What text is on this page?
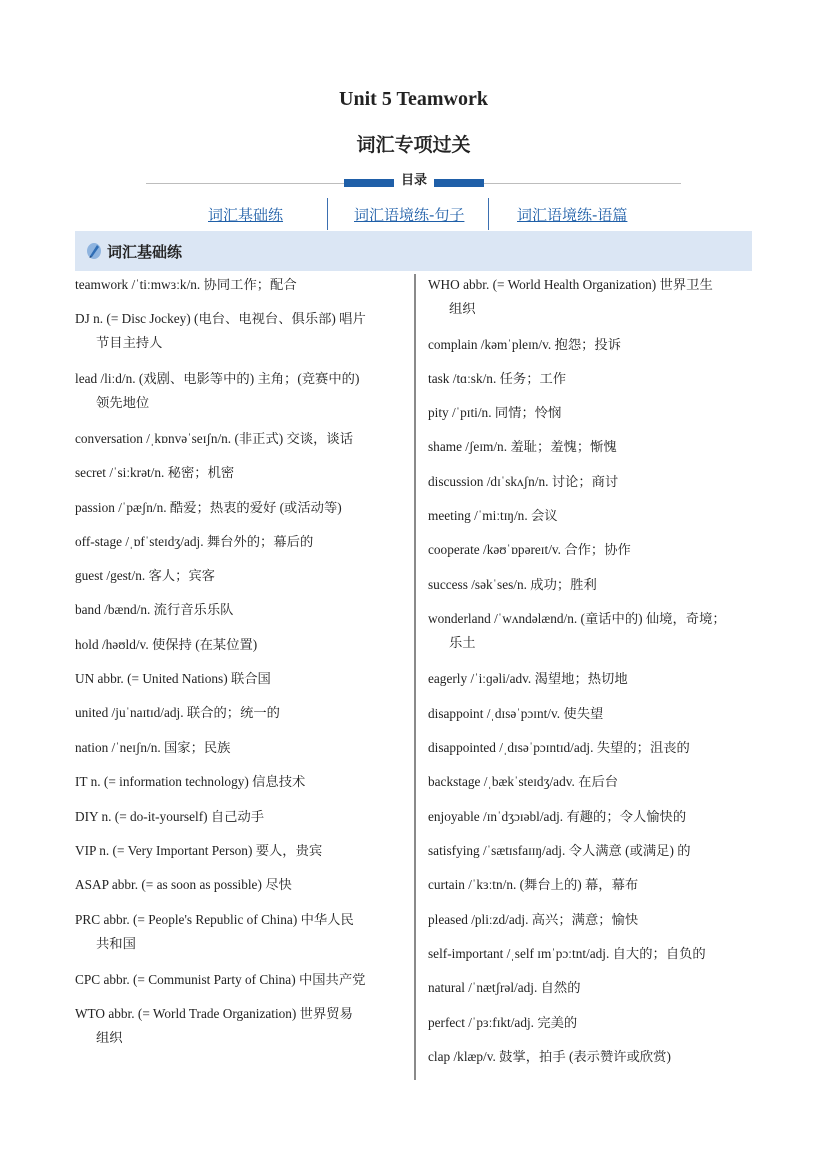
Unit 5 Teamwork
词汇专项过关
目录
词汇基础练	词汇语境练-句子	词汇语境练-语篇
词汇基础练
teamwork /ˈtiːmwɜːk/n. 协同工作；配合
DJ n. (= Disc Jockey) (电台、电视台、俱乐部) 唱片
节目主持人
lead /liːd/n. (戏剧、电影等中的) 主角；(竞赛中的)
领先地位
conversation /ˌkɒnvəˈseɪʃn/n. (非正式) 交谈，谈话
secret /ˈsiːkrət/n. 秘密；机密
passion /ˈpæʃn/n. 酷爱；热衷的爱好 (或活动等)
off-stage /ˌɒfˈsteɪdʒ/adj. 舞台外的；幕后的
guest /gest/n. 客人；宾客
band /bænd/n. 流行音乐乐队
hold /həʊld/v. 使保持 (在某位置)
UN abbr. (= United Nations) 联合国
united /juˈnaɪtɪd/adj. 联合的；统一的
nation /ˈneɪʃn/n. 国家；民族
IT n. (= information technology) 信息技术
DIY n. (= do-it-yourself) 自己动手
VIP n. (= Very Important Person) 要人，贵宾
ASAP abbr. (= as soon as possible) 尽快
PRC abbr. (= People's Republic of China) 中华人民
共和国
CPC abbr. (= Communist Party of China) 中国共产党
WTO abbr. (= World Trade Organization) 世界贸易
组织
WHO abbr. (= World Health Organization) 世界卫生
组织
complain /kəmˈpleɪn/v. 抱怨；投诉
task /tɑːsk/n. 任务；工作
pity /ˈpɪti/n. 同情；怜悯
shame /ʃeɪm/n. 羞耻；羞愧；惭愧
discussion /dɪˈskʌʃn/n. 讨论；商讨
meeting /ˈmiːtɪŋ/n. 会议
cooperate /kəʊˈɒpəreɪt/v. 合作；协作
success /səkˈses/n. 成功；胜利
wonderland /ˈwʌndəlænd/n. (童话中的) 仙境，奇境；
乐土
eagerly /ˈiːɡəli/adv. 渴望地；热切地
disappoint /ˌdɪsəˈpɔɪnt/v. 使失望
disappointed /ˌdɪsəˈpɔɪntɪd/adj. 失望的；沮丧的
backstage /ˌbækˈsteɪdʒ/adv. 在后台
enjoyable /ɪnˈdʒɔɪəbl/adj. 有趣的；令人愉快的
satisfying /ˈsætɪsfaɪɪŋ/adj. 令人满意 (或满足) 的
curtain /ˈkɜːtn/n. (舞台上的) 幕，幕布
pleased /pliːzd/adj. 高兴；满意；愉快
self-important /ˌself ɪmˈpɔːtnt/adj. 自大的；自负的
natural /ˈnætʃrəl/adj. 自然的
perfect /ˈpɜːfɪkt/adj. 完美的
clap /klæp/v. 鼓掌，拍手 (表示赞许或欣赏)
